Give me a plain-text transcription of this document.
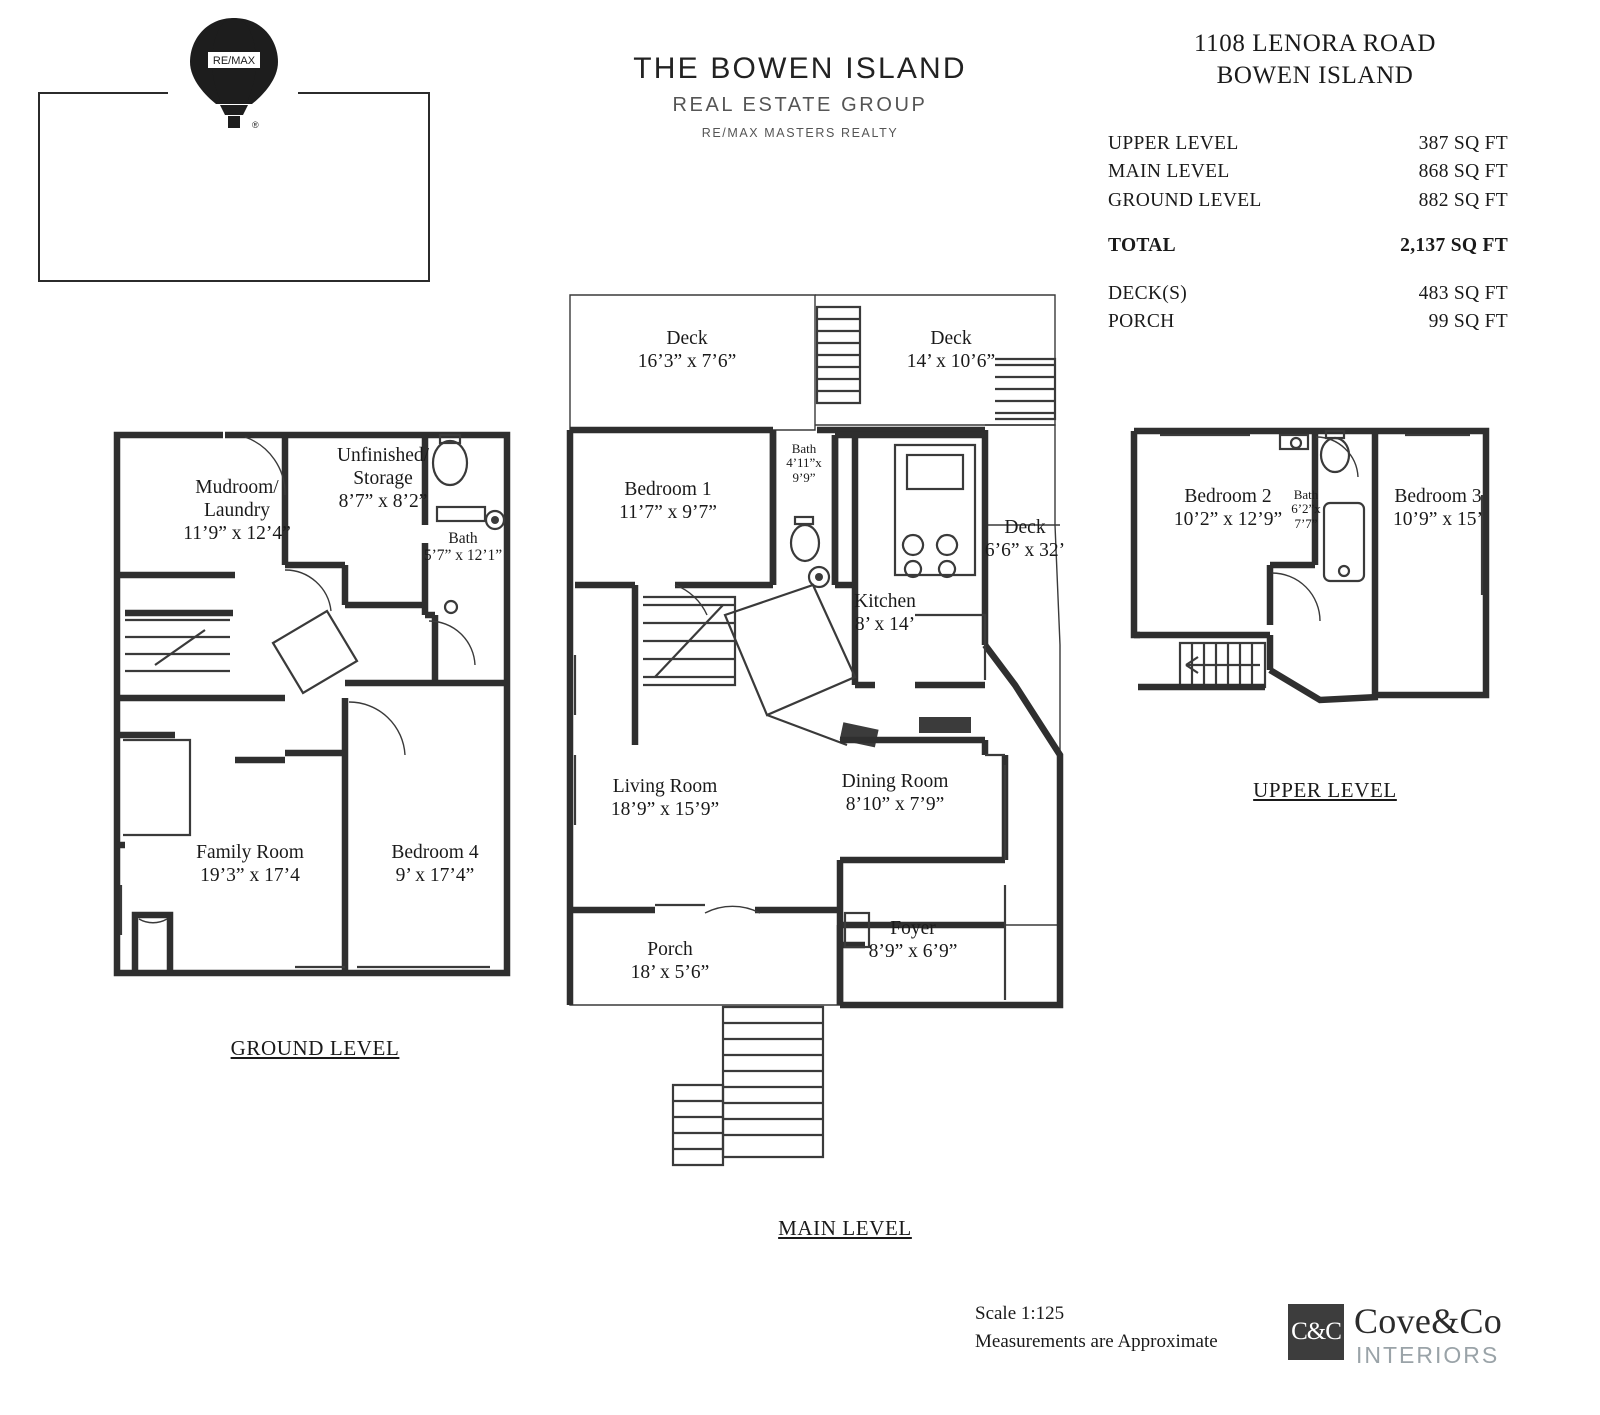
THE BOWEN ISLAND
REAL ESTATE GROUP
RE/MAX MASTERS REALTY
RE/MAX
®
1108 LENORA ROAD
BOWEN ISLAND
UPPER LEVEL	387 SQ FT
MAIN LEVEL	868 SQ FT
GROUND LEVEL	882 SQ FT
TOTAL	2,137 SQ FT
DECK(S)	483 SQ FT
PORCH	99 SQ FT
Mudroom/
Laundry
11’9” x 12’4”
Unfinished/
Storage
8’7” x 8’2”
Bath
5’7” x 12’1”
Family Room
19’3” x 17’4
Bedroom 4
9’ x 17’4”
GROUND LEVEL
Deck
16’3” x 7’6”
Deck
14’ x 10’6”
Bedroom 1
11’7” x 9’7”
Bath
4’11”x
9’9”
Kitchen
8’ x 14’
Deck
6’6” x 32’
Living Room
18’9” x 15’9”
Dining Room
8’10” x 7’9”
Foyer
8’9” x 6’9”
Porch
18’ x 5’6”
MAIN LEVEL
Bedroom 2
10’2” x 12’9”
Bath
6’2”x
7’7”
Bedroom 3
10’9” x 15’
UPPER LEVEL
Scale 1:125
Measurements are Approximate	C&C Cove&Co
INTERIORS
